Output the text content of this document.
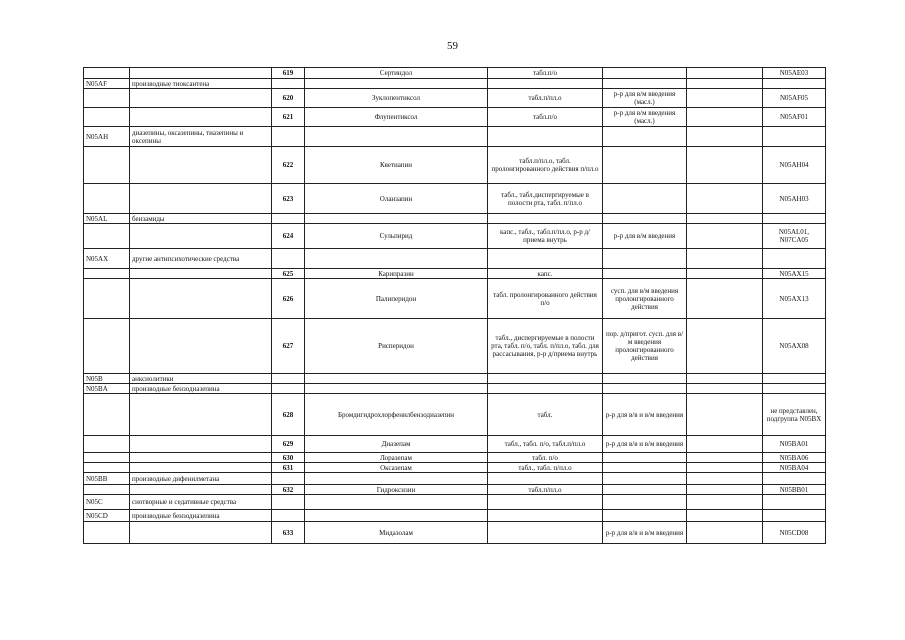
59
		619	Сертиндол	табл.п/о			N05AE03
N05AF	производные тиоксантена						
		620	Зуклопентиксол	табл.п/пл.о	р-р для в/м введения (масл.)		N05AF05
		621	Флупентиксол	табл.п/о	р-р для в/м введения (масл.)		N05AF01
N05AH	диазепины, оксазепины, тиазепины и оксепины						
		622	Кветиапин	табл.п/пл.о, табл. пролонгированного действия п/пл.о			N05AH04
		623	Оланзапин	табл., табл.диспергируемые в полости рта, табл. п/пл.о			N05AH03
N05AL	бензамиды						
		624	Сульпирид	капс., табл., табл.п/пл.о, р-р д/приема внутрь	р-р для в/м введения		N05AL01, N07CA05
N05AX	другие антипсихотические средства						
		625	Карипразин	капс.			N05AX15
		626	Палиперидон	табл. пролонгированного действия п/о	сусп. для в/м введения пролонгированного действия		N05AX13
		627	Рисперидон	табл., диспергируемые в полости рта, табл. п/о, табл. п/пл.о, табл. для рассасывания, р-р д/приема внутрь	пор. д/пригот. сусп. для в/м введения пролонгированного действия		N05AX08
N05B	анксиолитики						
N05BA	производные бензодиазепина						
		628	Бромдигидрохлорфенилбензодиазепин	табл.	р-р для в/в и в/м введения		не представлен, подгруппа N05BX
		629	Диазепам	табл., табл. п/о, табл.п/пл.о	р-р для в/в и в/м введения		N05BA01
		630	Лоразепам	табл. п/о			N05BA06
		631	Оксазепам	табл., табл. п/пл.о			N05BA04
N05BB	производные дифенилметана						
		632	Гидроксизин	табл.п/пл.о			N05BB01
N05C	снотворные и седативные средства						
N05CD	производные бензодиазепина						
		633	Мидазолам		р-р для в/в и в/м введения		N05CD08
